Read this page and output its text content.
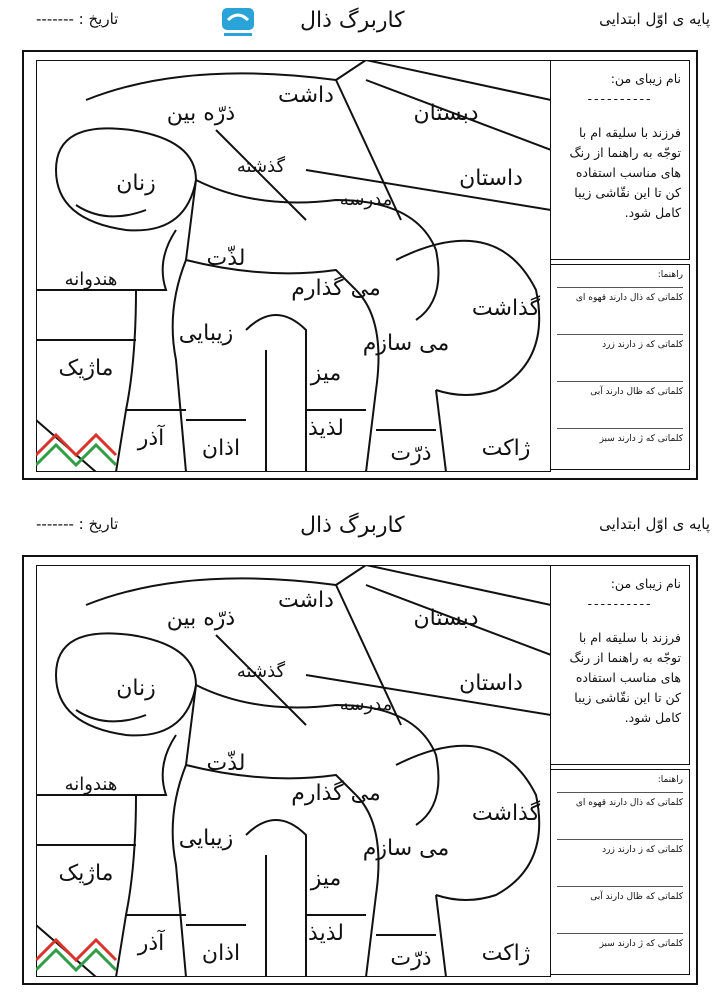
تاریخ : -------	کاربرگ ذال	پایه ی اوّل ابتدایی
داشت
ذرّه بین	دبستان
گذشته
مدرسه
داستان
زنان
لذّت
هندوانه	می گذارم
گذاشت
زیبایی	می سازم
ماژیک	میز
آذر اذان
لذیذ
ذرّت ژاکت
نام زیبای من:
----------
فرزند با سلیقه ام با توجّه به راهنما از رنگ های مناسب استفاده کن تا این نقّاشی زیبا کامل شود.
راهنما:
کلماتی که ذال دارند قهوه ای
کلماتی که ز دارند زرد
کلماتی که ظال دارند آبی
کلماتی که ژ دارند سبز
تاریخ : -------	کاربرگ ذال	پایه ی اوّل ابتدایی
داشت
ذرّه بین	دبستان
گذشته
مدرسه
داستان
زنان
لذّت
هندوانه	می گذارم
گذاشت
زیبایی	می سازم
ماژیک	میز
آذر اذان
لذیذ
ذرّت ژاکت
نام زیبای من:
----------
فرزند با سلیقه ام با توجّه به راهنما از رنگ های مناسب استفاده کن تا این نقّاشی زیبا کامل شود.
راهنما:
کلماتی که ذال دارند قهوه ای
کلماتی که ز دارند زرد
کلماتی که ظال دارند آبی
کلماتی که ژ دارند سبز
